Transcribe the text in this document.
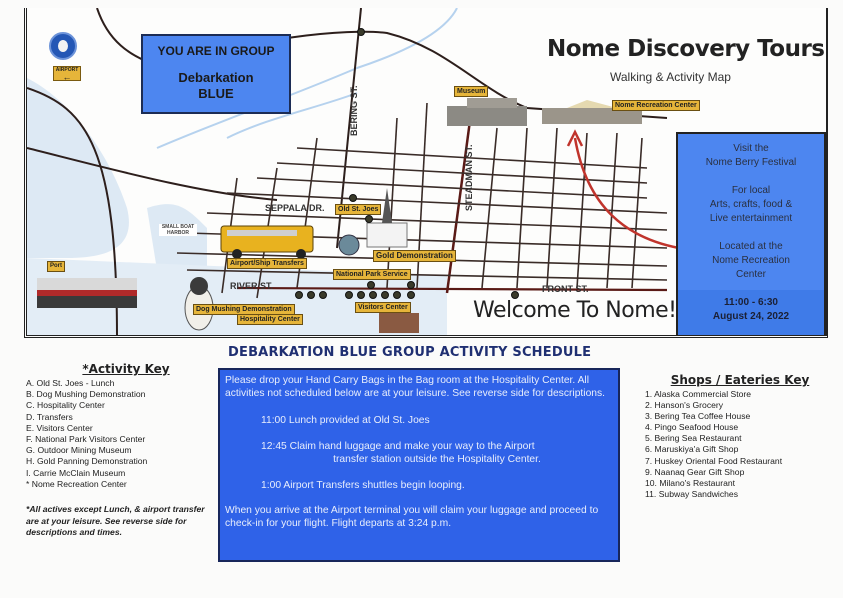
AIRPORT
←
YOU ARE IN GROUP
Debarkation
BLUE
Nome Discovery Tours
Walking & Activity Map
BERING ST.
STEADMAN ST.
SEPPALA DR.
RIVER ST.	FRONT ST.
SMALL BOAT HARBOR
Port
Museum
Nome Recreation Center
Old St. Joes
Gold Demonstration
Airport/Ship Transfers
National Park Service
Dog Mushing Demonstration
Hospitality Center
Visitors Center

Visit the

Nome Berry Festival

For local

Arts, crafts, food &

Live entertainment

Located at the

Nome Recreation

Center

11:00 - 6:30

August 24, 2022

Welcome To Nome!
*Activity Key
A. Old St. Joes - Lunch
B. Dog Mushing Demonstration
C. Hospitality Center
D. Transfers
E. Visitors Center
F. National Park Visitors Center
G. Outdoor Mining Museum
H. Gold Panning Demonstration
I. Carrie McClain Museum
* Nome Recreation Center

*All actives except Lunch, & airport transfer are at your leisure. See reverse side for descriptions and times.

DEBARKATION BLUE GROUP ACTIVITY SCHEDULE

Please drop your Hand Carry Bags in the Bag room at the Hospitality Center. All activities not scheduled below are at your leisure. See reverse side for descriptions.

11:00 Lunch provided at Old St. Joes

12:45 Claim hand luggage and make your way to the Airport

transfer station outside the Hospitality Center.

1:00 Airport Transfers shuttles begin looping.

When you arrive at the Airport terminal you will claim your luggage and proceed to check-in for your flight. Flight departs at 3:24 p.m.

Shops / Eateries Key
1. Alaska Commercial Store
2. Hanson's Grocery
3. Bering Tea Coffee House
4. Pingo Seafood House
5. Bering Sea Restaurant
6. Maruskiya'a Gift Shop
7. Huskey Oriental Food Restaurant
9. Naanaq Gear Gift Shop
10. Milano's Restaurant
11. Subway Sandwiches
